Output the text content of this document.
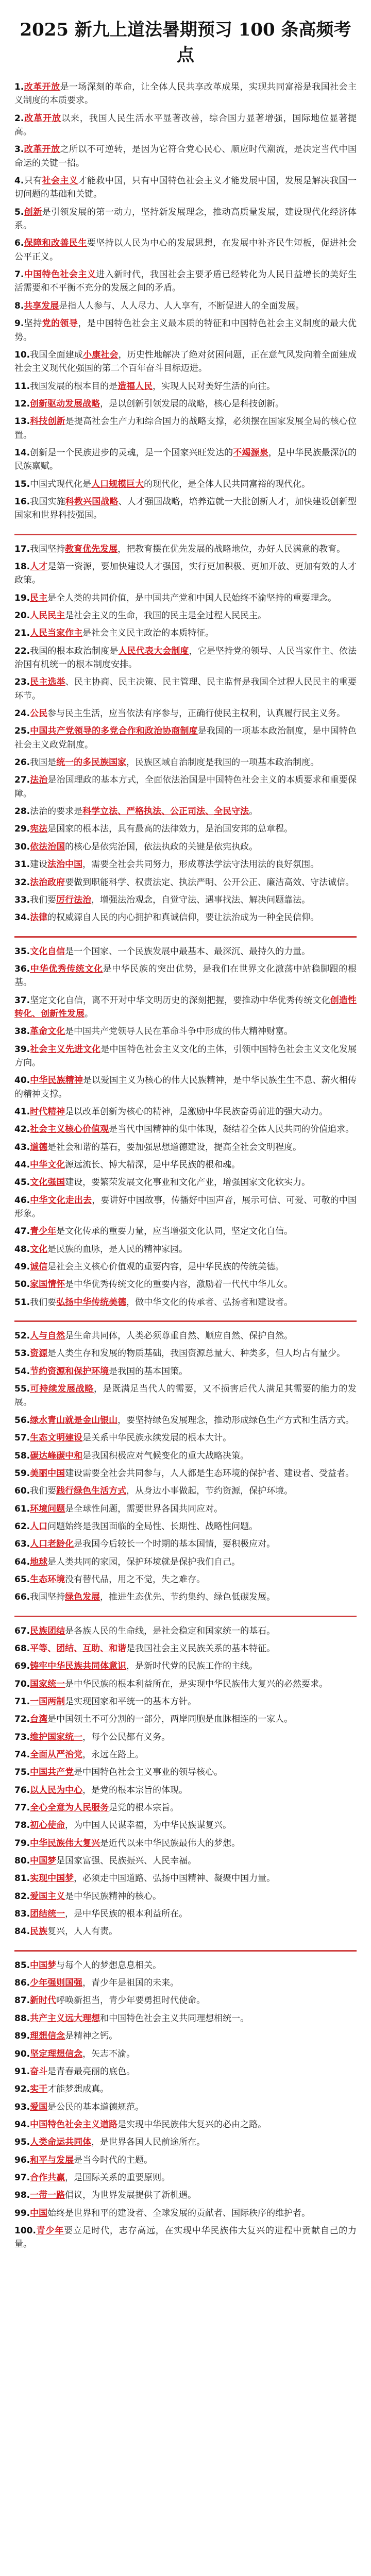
2025 新九上道法暑期预习 100 条高频考点
1.改革开放是一场深刻的革命，让全体人民共享改革成果，实现共同富裕是我国社会主义制度的本质要求。
2.改革开放以来，我国人民生活水平显著改善，综合国力显著增强，国际地位显著提高。
3.改革开放之所以不可逆转，是因为它符合党心民心、顺应时代潮流，是决定当代中国命运的关键一招。
4.只有社会主义才能救中国，只有中国特色社会主义才能发展中国，发展是解决我国一切问题的基础和关键。
5.创新是引领发展的第一动力，坚持新发展理念，推动高质量发展，建设现代化经济体系。
6.保障和改善民生要坚持以人民为中心的发展思想，在发展中补齐民生短板，促进社会公平正义。
7.中国特色社会主义进入新时代，我国社会主要矛盾已经转化为人民日益增长的美好生活需要和不平衡不充分的发展之间的矛盾。
8.共享发展是指人人参与、人人尽力、人人享有，不断促进人的全面发展。
9.坚持党的领导，是中国特色社会主义最本质的特征和中国特色社会主义制度的最大优势。
10.我国全面建成小康社会，历史性地解决了绝对贫困问题，正在意气风发向着全面建成社会主义现代化强国的第二个百年奋斗目标迈进。
11.我国发展的根本目的是造福人民，实现人民对美好生活的向往。
12.创新驱动发展战略，是以创新引领发展的战略，核心是科技创新。
13.科技创新是提高社会生产力和综合国力的战略支撑，必须摆在国家发展全局的核心位置。
14.创新是一个民族进步的灵魂，是一个国家兴旺发达的不竭源泉，是中华民族最深沉的民族禀赋。
15.中国式现代化是人口规模巨大的现代化，是全体人民共同富裕的现代化。
16.我国实施科教兴国战略、人才强国战略，培养造就一大批创新人才，加快建设创新型国家和世界科技强国。
17.我国坚持教育优先发展，把教育摆在优先发展的战略地位，办好人民满意的教育。
18.人才是第一资源，要加快建设人才强国，实行更加积极、更加开放、更加有效的人才政策。
19.民主是全人类的共同价值，是中国共产党和中国人民始终不渝坚持的重要理念。
20.人民民主是社会主义的生命，我国的民主是全过程人民民主。
21.人民当家作主是社会主义民主政治的本质特征。
22.我国的根本政治制度是人民代表大会制度，它是坚持党的领导、人民当家作主、依法治国有机统一的根本制度安排。
23.民主选举、民主协商、民主决策、民主管理、民主监督是我国全过程人民民主的重要环节。
24.公民参与民主生活，应当依法有序参与，正确行使民主权利，认真履行民主义务。
25.中国共产党领导的多党合作和政治协商制度是我国的一项基本政治制度，是中国特色社会主义政党制度。
26.我国是统一的多民族国家，民族区域自治制度是我国的一项基本政治制度。
27.法治是治国理政的基本方式，全面依法治国是中国特色社会主义的本质要求和重要保障。
28.法治的要求是科学立法、严格执法、公正司法、全民守法。
29.宪法是国家的根本法，具有最高的法律效力，是治国安邦的总章程。
30.依法治国的核心是依宪治国，依法执政的关键是依宪执政。
31.建设法治中国，需要全社会共同努力，形成尊法学法守法用法的良好氛围。
32.法治政府要做到职能科学、权责法定、执法严明、公开公正、廉洁高效、守法诚信。
33.我们要厉行法治，增强法治观念，自觉守法、遇事找法、解决问题靠法。
34.法律的权威源自人民的内心拥护和真诚信仰，要让法治成为一种全民信仰。
35.文化自信是一个国家、一个民族发展中最基本、最深沉、最持久的力量。
36.中华优秀传统文化是中华民族的突出优势，是我们在世界文化激荡中站稳脚跟的根基。
37.坚定文化自信，离不开对中华文明历史的深刻把握，要推动中华优秀传统文化创造性转化、创新性发展。
38.革命文化是中国共产党领导人民在革命斗争中形成的伟大精神财富。
39.社会主义先进文化是中国特色社会主义文化的主体，引领中国特色社会主义文化发展方向。
40.中华民族精神是以爱国主义为核心的伟大民族精神，是中华民族生生不息、薪火相传的精神支撑。
41.时代精神是以改革创新为核心的精神，是激励中华民族奋勇前进的强大动力。
42.社会主义核心价值观是当代中国精神的集中体现，凝结着全体人民共同的价值追求。
43.道德是社会和谐的基石，要加强思想道德建设，提高全社会文明程度。
44.中华文化源远流长、博大精深，是中华民族的根和魂。
45.文化强国建设，要繁荣发展文化事业和文化产业，增强国家文化软实力。
46.中华文化走出去，要讲好中国故事，传播好中国声音，展示可信、可爱、可敬的中国形象。
47.青少年是文化传承的重要力量，应当增强文化认同，坚定文化自信。
48.文化是民族的血脉，是人民的精神家园。
49.诚信是社会主义核心价值观的重要内容，是中华民族的传统美德。
50.家国情怀是中华优秀传统文化的重要内容，激励着一代代中华儿女。
51.我们要弘扬中华传统美德，做中华文化的传承者、弘扬者和建设者。
52.人与自然是生命共同体，人类必须尊重自然、顺应自然、保护自然。
53.资源是人类生存和发展的物质基础，我国资源总量大、种类多，但人均占有量少。
54.节约资源和保护环境是我国的基本国策。
55.可持续发展战略，是既满足当代人的需要，又不损害后代人满足其需要的能力的发展。
56.绿水青山就是金山银山，要坚持绿色发展理念，推动形成绿色生产方式和生活方式。
57.生态文明建设是关系中华民族永续发展的根本大计。
58.碳达峰碳中和是我国积极应对气候变化的重大战略决策。
59.美丽中国建设需要全社会共同参与，人人都是生态环境的保护者、建设者、受益者。
60.我们要践行绿色生活方式，从身边小事做起，节约资源，保护环境。
61.环境问题是全球性问题，需要世界各国共同应对。
62.人口问题始终是我国面临的全局性、长期性、战略性问题。
63.人口老龄化是我国今后较长一个时期的基本国情，要积极应对。
64.地球是人类共同的家园，保护环境就是保护我们自己。
65.生态环境没有替代品，用之不觉，失之难存。
66.我国坚持绿色发展，推进生态优先、节约集约、绿色低碳发展。
67.民族团结是各族人民的生命线，是社会稳定和国家统一的基石。
68.平等、团结、互助、和谐是我国社会主义民族关系的基本特征。
69.铸牢中华民族共同体意识，是新时代党的民族工作的主线。
70.国家统一是中华民族的根本利益所在，是实现中华民族伟大复兴的必然要求。
71.一国两制是实现国家和平统一的基本方针。
72.台湾是中国领土不可分割的一部分，两岸同胞是血脉相连的一家人。
73.维护国家统一，每个公民都有义务。
74.全面从严治党，永远在路上。
75.中国共产党是中国特色社会主义事业的领导核心。
76.以人民为中心，是党的根本宗旨的体现。
77.全心全意为人民服务是党的根本宗旨。
78.初心使命，为中国人民谋幸福，为中华民族谋复兴。
79.中华民族伟大复兴是近代以来中华民族最伟大的梦想。
80.中国梦是国家富强、民族振兴、人民幸福。
81.实现中国梦，必须走中国道路、弘扬中国精神、凝聚中国力量。
82.爱国主义是中华民族精神的核心。
83.团结统一，是中华民族的根本利益所在。
84.民族复兴，人人有责。
85.中国梦与每个人的梦想息息相关。
86.少年强则国强，青少年是祖国的未来。
87.新时代呼唤新担当，青少年要勇担时代使命。
88.共产主义远大理想和中国特色社会主义共同理想相统一。
89.理想信念是精神之钙。
90.坚定理想信念，矢志不渝。
91.奋斗是青春最亮丽的底色。
92.实干才能梦想成真。
93.爱国是公民的基本道德规范。
94.中国特色社会主义道路是实现中华民族伟大复兴的必由之路。
95.人类命运共同体，是世界各国人民前途所在。
96.和平与发展是当今时代的主题。
97.合作共赢，是国际关系的重要原则。
98.一带一路倡议，为世界发展提供了新机遇。
99.中国始终是世界和平的建设者、全球发展的贡献者、国际秩序的维护者。
100.青少年要立足时代，志存高远，在实现中华民族伟大复兴的进程中贡献自己的力量。
